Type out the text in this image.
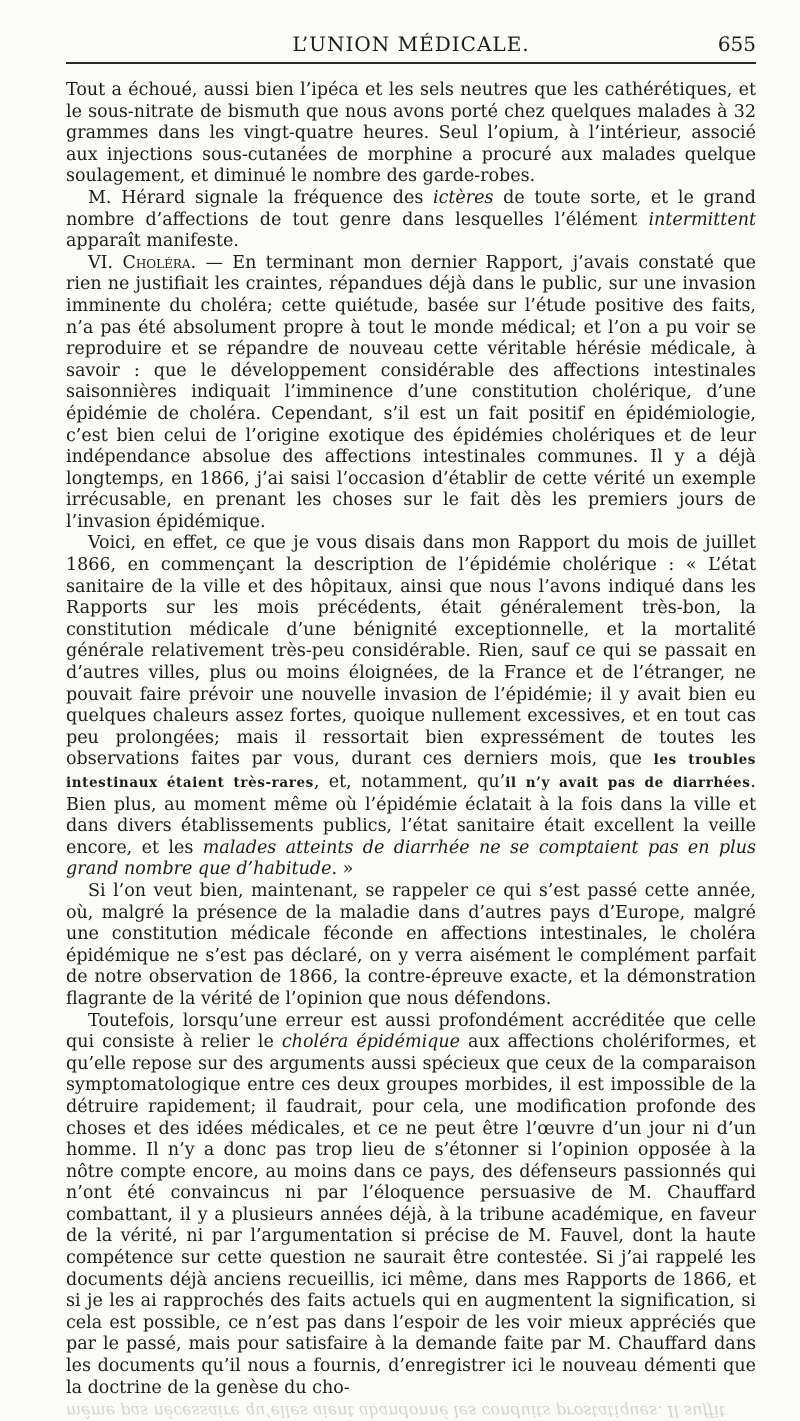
L’UNION MÉDICALE.	655

Tout a échoué, aussi bien l’ipéca et les sels neutres que les cathérétiques, et le sous-nitrate de bismuth que nous avons porté chez quelques malades à 32 grammes dans les vingt-quatre heures. Seul l’opium, à l’intérieur, associé aux injections sous-cutanées de morphine a procuré aux malades quelque soulagement, et diminué le nombre des garde-robes.

M. Hérard signale la fréquence des ictères de toute sorte, et le grand nombre d’affections de tout genre dans lesquelles l’élément intermittent apparaît manifeste.

VI. Choléra. — En terminant mon dernier Rapport, j’avais constaté que rien ne justifiait les craintes, répandues déjà dans le public, sur une invasion imminente du choléra; cette quiétude, basée sur l’étude positive des faits, n’a pas été absolument propre à tout le monde médical; et l’on a pu voir se reproduire et se répandre de nouveau cette véritable hérésie médicale, à savoir : que le développement considérable des affections intestinales saisonnières indiquait l’imminence d’une constitution cholérique, d’une épidémie de choléra. Cependant, s’il est un fait positif en épidémiologie, c’est bien celui de l’origine exotique des épidémies cholériques et de leur indépendance absolue des affections intestinales communes. Il y a déjà longtemps, en 1866, j’ai saisi l’occasion d’établir de cette vérité un exemple irrécusable, en prenant les choses sur le fait dès les premiers jours de l’invasion épidémique.

Voici, en effet, ce que je vous disais dans mon Rapport du mois de juillet 1866, en commençant la description de l’épidémie cholérique : « L’état sanitaire de la ville et des hôpitaux, ainsi que nous l’avons indiqué dans les Rapports sur les mois précédents, était généralement très-bon, la constitution médicale d’une bénignité exceptionnelle, et la mortalité générale relativement très-peu considérable. Rien, sauf ce qui se passait en d’autres villes, plus ou moins éloignées, de la France et de l’étranger, ne pouvait faire prévoir une nouvelle invasion de l’épidémie; il y avait bien eu quelques chaleurs assez fortes, quoique nullement excessives, et en tout cas peu prolongées; mais il ressortait bien expressément de toutes les observations faites par vous, durant ces derniers mois, que les troubles intestinaux étaient très-rares, et, notamment, qu’il n’y avait pas de diarrhées. Bien plus, au moment même où l’épidémie éclatait à la fois dans la ville et dans divers établissements publics, l’état sanitaire était excellent la veille encore, et les malades atteints de diarrhée ne se comptaient pas en plus grand nombre que d’habitude. »

Si l’on veut bien, maintenant, se rappeler ce qui s’est passé cette année, où, malgré la présence de la maladie dans d’autres pays d’Europe, malgré une constitution médicale féconde en affections intestinales, le choléra épidémique ne s’est pas déclaré, on y verra aisément le complément parfait de notre observation de 1866, la contre-épreuve exacte, et la démonstration flagrante de la vérité de l’opinion que nous défendons.

Toutefois, lorsqu’une erreur est aussi profondément accréditée que celle qui consiste à relier le choléra épidémique aux affections cholériformes, et qu’elle repose sur des arguments aussi spécieux que ceux de la comparaison symptomatologique entre ces deux groupes morbides, il est impossible de la détruire rapidement; il faudrait, pour cela, une modification profonde des choses et des idées médicales, et ce ne peut être l’œuvre d’un jour ni d’un homme. Il n’y a donc pas trop lieu de s’étonner si l’opinion opposée à la nôtre compte encore, au moins dans ce pays, des défenseurs passionnés qui n’ont été convaincus ni par l’éloquence persuasive de M. Chauffard combattant, il y a plusieurs années déjà, à la tribune académique, en faveur de la vérité, ni par l’argumentation si précise de M. Fauvel, dont la haute compétence sur cette question ne saurait être contestée. Si j’ai rappelé les documents déjà anciens recueillis, ici même, dans mes Rapports de 1866, et si je les ai rapprochés des faits actuels qui en augmentent la signification, si cela est possible, ce n’est pas dans l’espoir de les voir mieux appréciés que par le passé, mais pour satisfaire à la demande faite par M. Chauffard dans les documents qu’il nous a fournis, d’enregistrer ici le nouveau démenti que la doctrine de la genèse du cho-

même pas nécessaire qu’elles aient abandonné les conduits prostatiques. Il suffit
